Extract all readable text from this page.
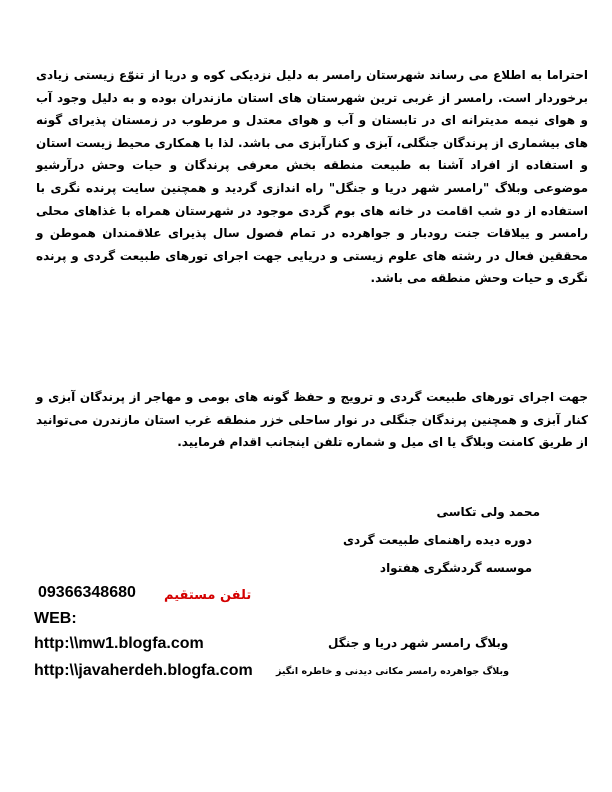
احتراما به اطلاع می رساند شهرستان رامسر به دلیل نزدیکی کوه و دریا از تنوّع زیستی زیادی برخوردار است. رامسر از غربی ترین شهرستان های استان مازندران بوده و به دلیل وجود آب و هوای نیمه مدیترانه ای در تابستان و آب و هوای معتدل و مرطوب در زمستان پذیرای گونه های بیشماری از پرندگان جنگلی، آبزی و کنارآبزی می باشد. لذا با همکاری محیط زیست استان و استفاده از افراد آشنا به طبیعت منطقه بخش معرفی پرندگان و حیات وحش درآرشیو موضوعی وبلاگ "رامسر شهر دریا و جنگل" راه اندازی گردید و همچنین سایت پرنده نگری با استفاده از دو شب اقامت در خانه های بوم گردی موجود در شهرستان همراه با غذاهای محلی رامسر و ییلاقات جنت رودبار و جواهرده در تمام فصول سال پذیرای علاقمندان هموطن و محققین فعال در رشته های علوم زیستی و دریایی جهت اجرای تورهای طبیعت گردی و پرنده نگری و حیات وحش منطقه می باشد.

جهت اجرای تورهای طبیعت گردی و ترویج و حفظ گونه های بومی و مهاجر از پرندگان آبزی و کنار آبزی و همچنین پرندگان جنگلی در نوار ساحلی خزر منطقه غرب استان مازندرن می‌توانید از طریق کامنت وبلاگ یا ای میل و شماره تلفن اینجانب اقدام فرمایید.

محمد ولی تکاسی
دوره دیده راهنمای طبیعت گردی
موسسه گردشگری هفتواد
تلفن مستقیم
09366348680
WEB:
http:\\mw1.blogfa.com	وبلاگ رامسر شهر دریا و جنگل
http:\\javaherdeh.blogfa.com وبلاگ جواهرده رامسر مکانی دیدنی و خاطره انگیز
